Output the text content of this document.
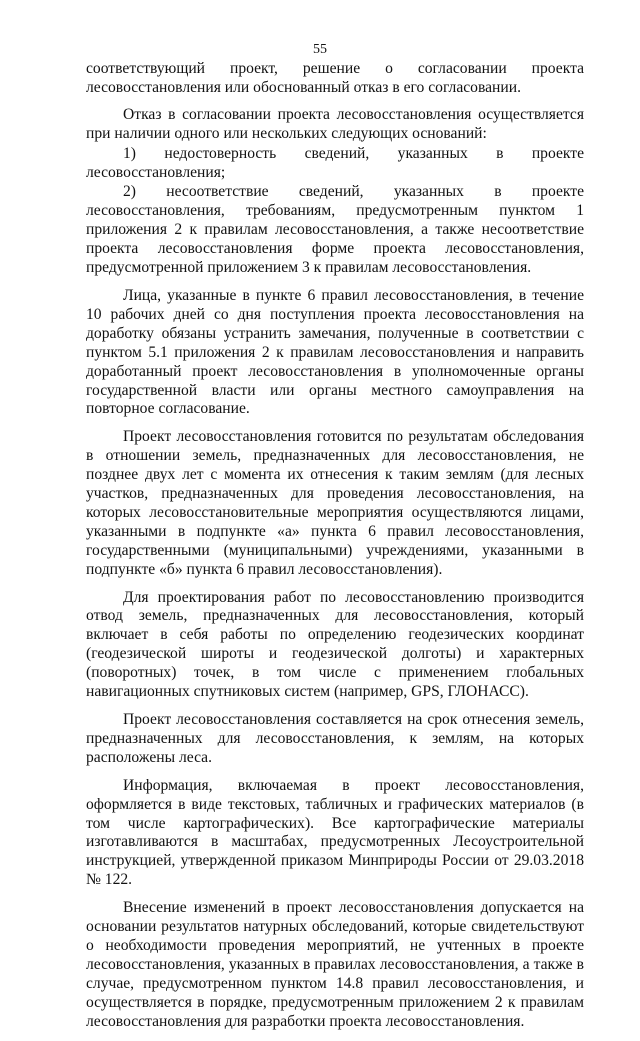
55

соответствующий проект, решение о согласовании проекта лесовосстановления или обоснованный отказ в его согласовании.

Отказ в согласовании проекта лесовосстановления осуществляется при наличии одного или нескольких следующих оснований:

1) недостоверность сведений, указанных в проекте лесовосстановления;

2) несоответствие сведений, указанных в проекте лесовосстановления, требованиям, предусмотренным пунктом 1 приложения 2 к правилам лесовосстановления, а также несоответствие проекта лесовосстановления форме проекта лесовосстановления, предусмотренной приложением 3 к правилам лесовосстановления.

Лица, указанные в пункте 6 правил лесовосстановления, в течение 10 рабочих дней со дня поступления проекта лесовосстановления на доработку обязаны устранить замечания, полученные в соответствии с пунктом 5.1 приложения 2 к правилам лесовосстановления и направить доработанный проект лесовосстановления в уполномоченные органы государственной власти или органы местного самоуправления на повторное согласование.

Проект лесовосстановления готовится по результатам обследования в отношении земель, предназначенных для лесовосстановления, не позднее двух лет с момента их отнесения к таким землям (для лесных участков, предназначенных для проведения лесовосстановления, на которых лесовосстановительные мероприятия осуществляются лицами, указанными в подпункте «а» пункта 6 правил лесовосстановления, государственными (муниципальными) учреждениями, указанными в подпункте «б» пункта 6 правил лесовосстановления).

Для проектирования работ по лесовосстановлению производится отвод земель, предназначенных для лесовосстановления, который включает в себя работы по определению геодезических координат (геодезической широты и геодезической долготы) и характерных (поворотных) точек, в том числе с применением глобальных навигационных спутниковых систем (например, GPS, ГЛОНАСС).

Проект лесовосстановления составляется на срок отнесения земель, предназначенных для лесовосстановления, к землям, на которых расположены леса.

Информация, включаемая в проект лесовосстановления, оформляется в виде текстовых, табличных и графических материалов (в том числе картографических). Все картографические материалы изготавливаются в масштабах, предусмотренных Лесоустроительной инструкцией, утвержденной приказом Минприроды России от 29.03.2018 № 122.

Внесение изменений в проект лесовосстановления допускается на основании результатов натурных обследований, которые свидетельствуют о необходимости проведения мероприятий, не учтенных в проекте лесовосстановления, указанных в правилах лесовосстановления, а также в случае, предусмотренном пунктом 14.8 правил лесовосстановления, и осуществляется в порядке, предусмотренным приложением 2 к правилам лесовосстановления для разработки проекта лесовосстановления.
